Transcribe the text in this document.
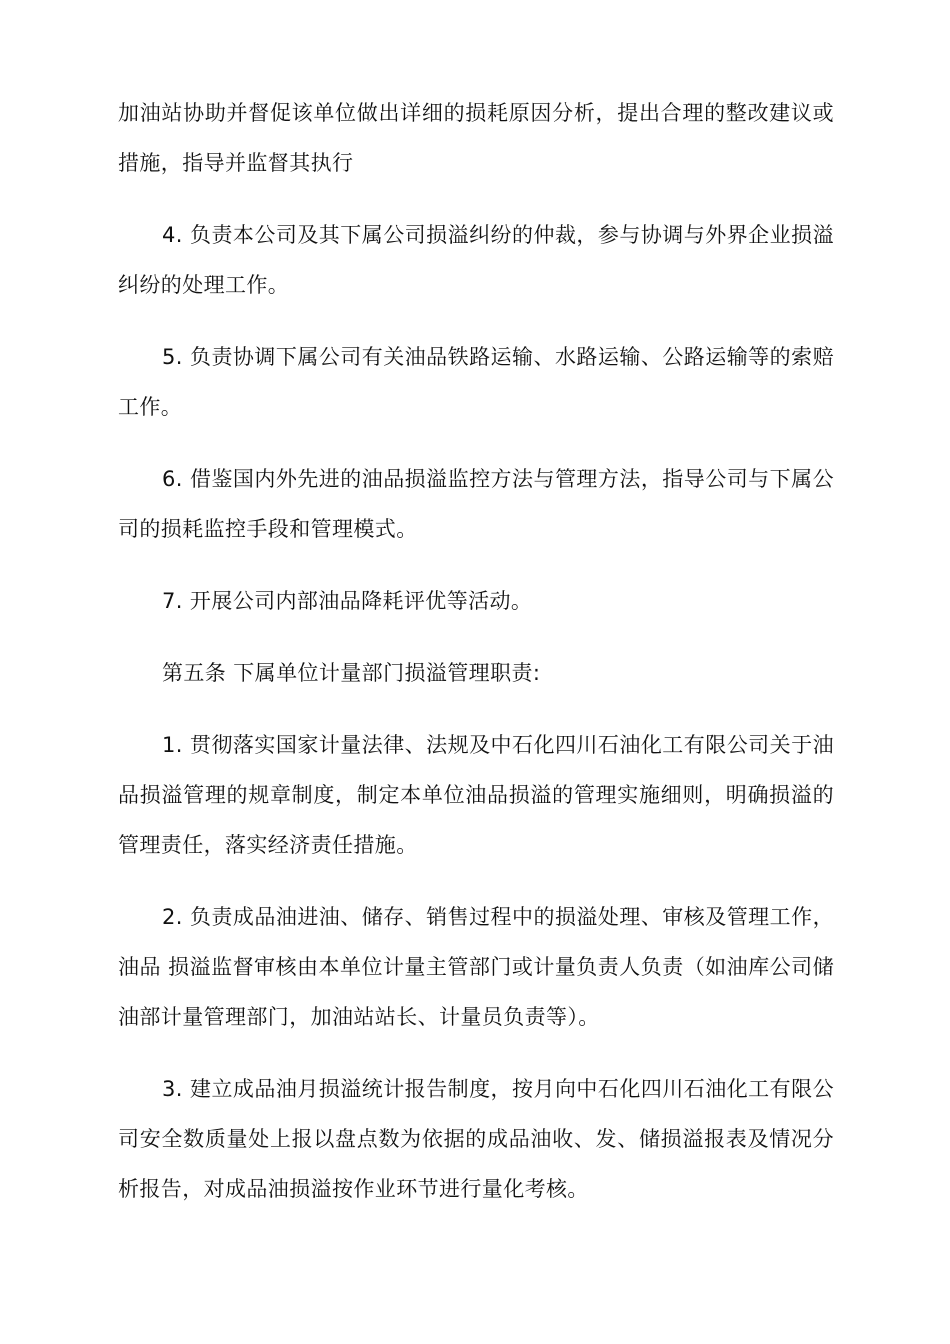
加油站协助并督促该单位做出详细的损耗原因分析，提出合理的整改建议或措施，指导并监督其执行

4. 负责本公司及其下属公司损溢纠纷的仲裁，参与协调与外界企业损溢纠纷的处理工作。

5. 负责协调下属公司有关油品铁路运输、水路运输、公路运输等的索赔工作。

6. 借鉴国内外先进的油品损溢监控方法与管理方法，指导公司与下属公司的损耗监控手段和管理模式。

7. 开展公司内部油品降耗评优等活动。

第五条 下属单位计量部门损溢管理职责:

1. 贯彻落实国家计量法律、法规及中石化四川石油化工有限公司关于油品损溢管理的规章制度，制定本单位油品损溢的管理实施细则，明确损溢的管理责任，落实经济责任措施。

2. 负责成品油进油、储存、销售过程中的损溢处理、审核及管理工作，油品 损溢监督审核由本单位计量主管部门或计量负责人负责（如油库公司储油部计量管理部门，加油站站长、计量员负责等）。

3. 建立成品油月损溢统计报告制度，按月向中石化四川石油化工有限公司安全数质量处上报以盘点数为依据的成品油收、发、储损溢报表及情况分析报告，对成品油损溢按作业环节进行量化考核。
